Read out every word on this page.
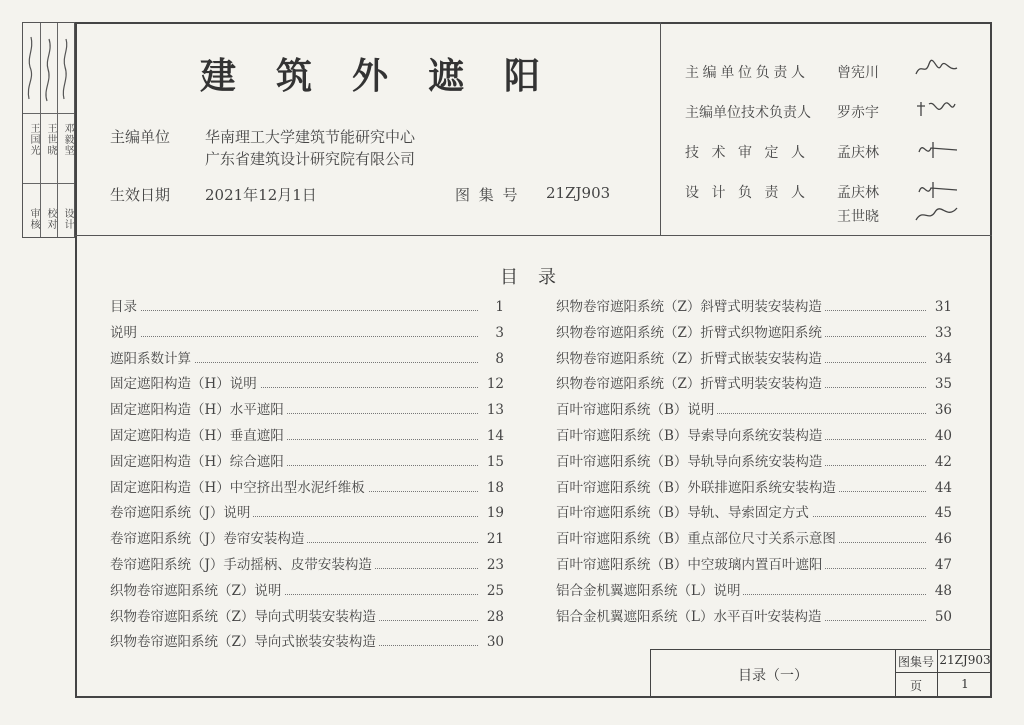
审核
王国光
校对
王世晓
设计
邓毅坚
建筑外遮阳
主编单位 华南理工大学建筑节能研究中心
广东省建筑设计研究院有限公司
生效日期 2021年12月1日	图 集 号 21ZJ903
主编单位负责人 曾宪川
主编单位技术负责人 罗赤宇
技术审定人 孟庆林
设计负责人 孟庆林
王世晓
目录
目录	1
说明	3
遮阳系数计算	8
固定遮阳构造（H）说明	12
固定遮阳构造（H）水平遮阳	13
固定遮阳构造（H）垂直遮阳	14
固定遮阳构造（H）综合遮阳	15
固定遮阳构造（H）中空挤出型水泥纤维板	18
卷帘遮阳系统（J）说明	19
卷帘遮阳系统（J）卷帘安装构造	21
卷帘遮阳系统（J）手动摇柄、皮带安装构造	23
织物卷帘遮阳系统（Z）说明	25
织物卷帘遮阳系统（Z）导向式明装安装构造	28
织物卷帘遮阳系统（Z）导向式嵌装安装构造	30
织物卷帘遮阳系统（Z）斜臂式明装安装构造	31
织物卷帘遮阳系统（Z）折臂式织物遮阳系统	33
织物卷帘遮阳系统（Z）折臂式嵌装安装构造	34
织物卷帘遮阳系统（Z）折臂式明装安装构造	35
百叶帘遮阳系统（B）说明	36
百叶帘遮阳系统（B）导索导向系统安装构造	40
百叶帘遮阳系统（B）导轨导向系统安装构造	42
百叶帘遮阳系统（B）外联排遮阳系统安装构造	44
百叶帘遮阳系统（B）导轨、导索固定方式	45
百叶帘遮阳系统（B）重点部位尺寸关系示意图	46
百叶帘遮阳系统（B）中空玻璃内置百叶遮阳	47
铝合金机翼遮阳系统（L）说明	48
铝合金机翼遮阳系统（L）水平百叶安装构造	50
目录（一）
图集号 21ZJ903
页	1
